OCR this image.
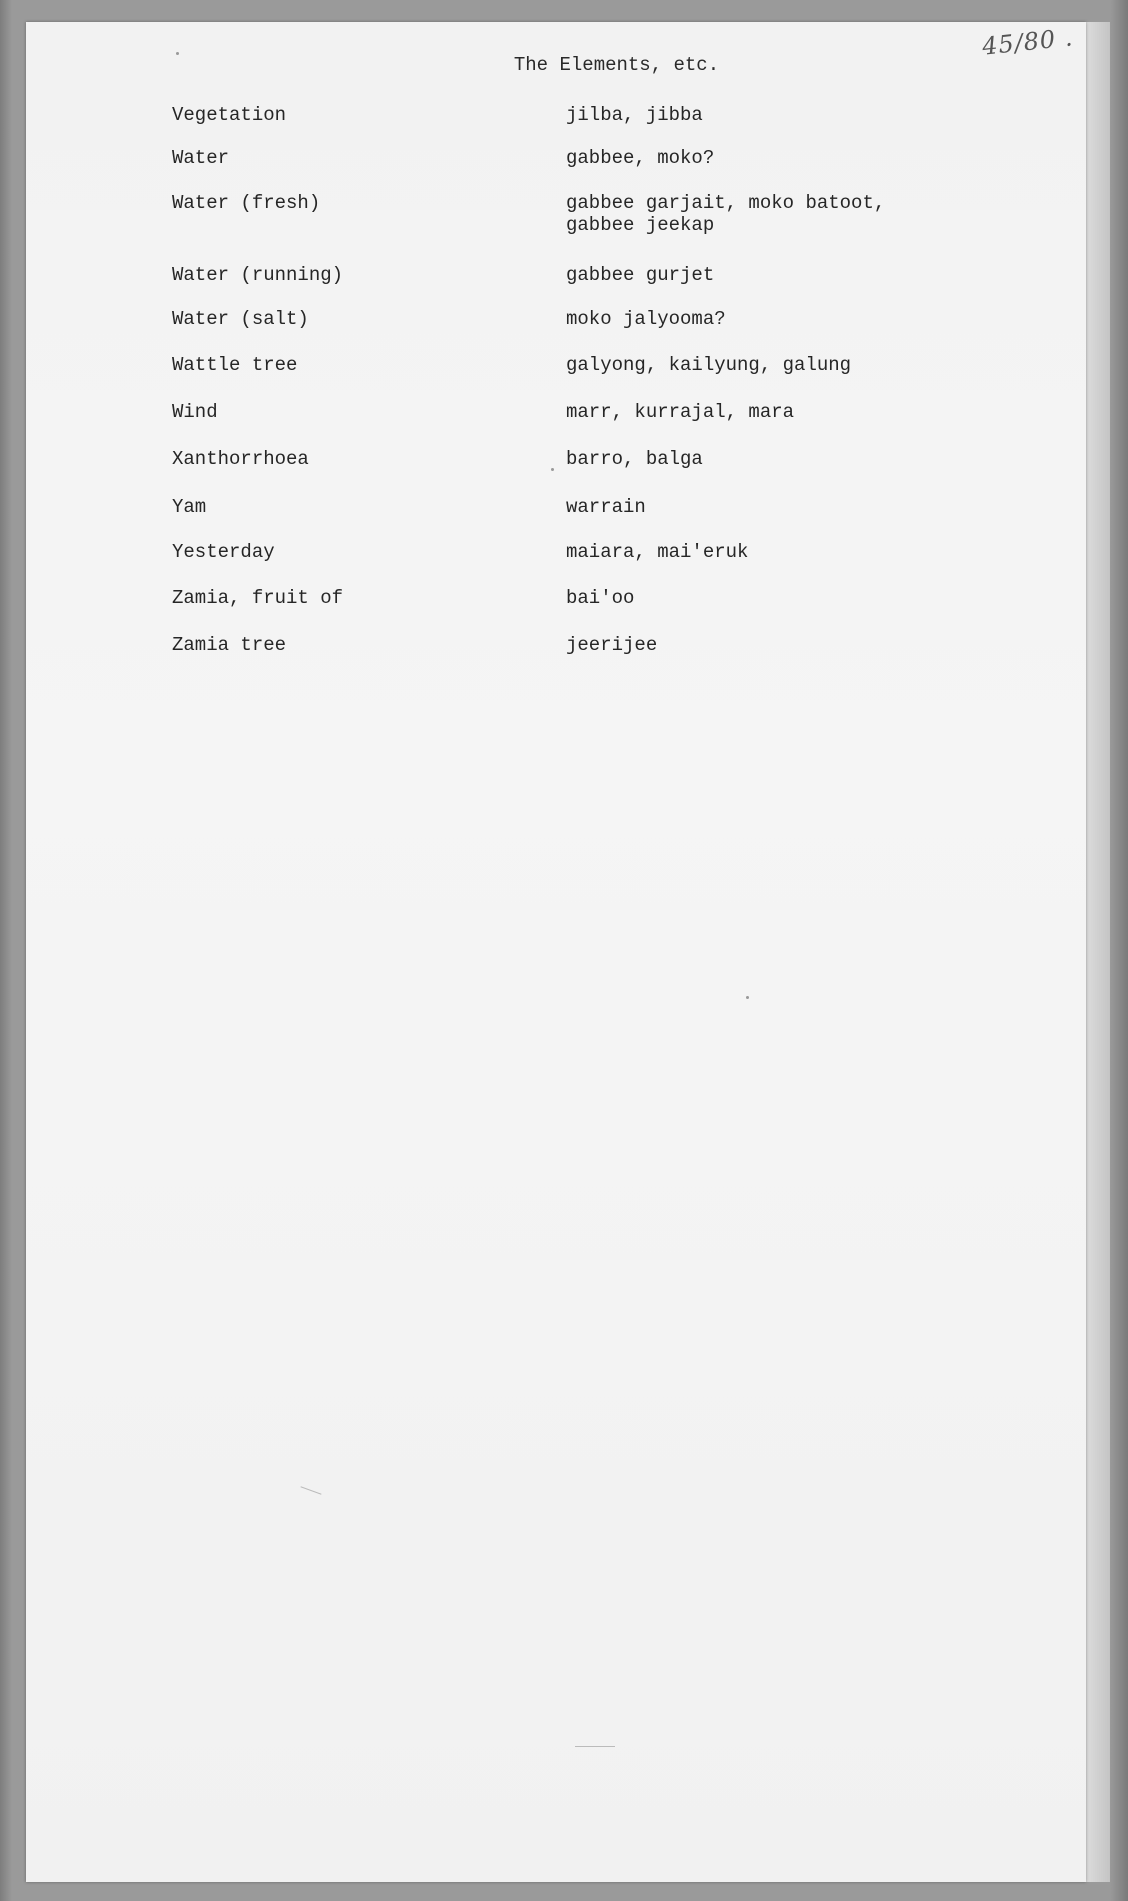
45/80 .
The Elements, etc.
Vegetation	jilba, jibba
Water	gabbee, moko?
Water (fresh)	gabbee garjait, moko batoot,
gabbee jeekap
Water (running)	gabbee gurjet
Water (salt)	moko jalyooma?
Wattle tree	galyong, kailyung, galung
Wind	marr, kurrajal, mara
Xanthorrhoea	barro, balga
Yam	warrain
Yesterday	maiara, mai'eruk
Zamia, fruit of	bai'oo
Zamia tree	jeerijee
